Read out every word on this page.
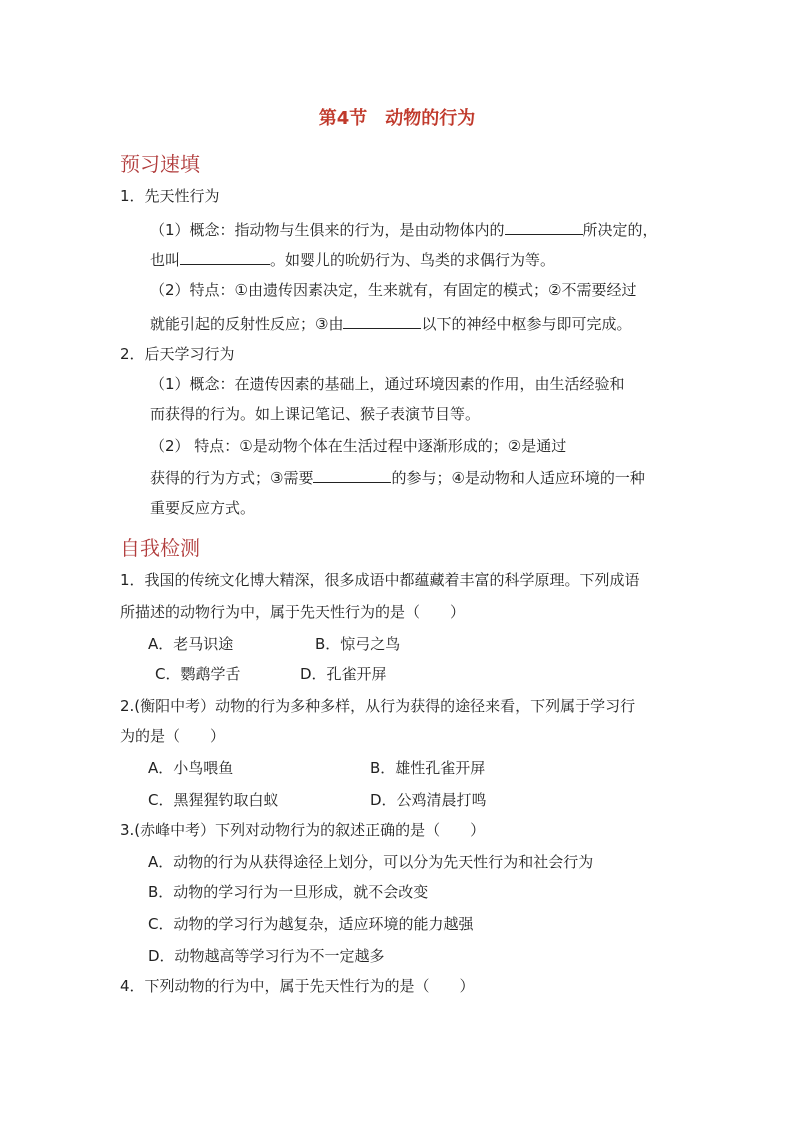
第4节　动物的行为
预习速填
1．先天性行为
（1）概念：指动物与生俱来的行为，是由动物体内的	所决定的，
也叫	。如婴儿的吮奶行为、鸟类的求偶行为等。
（2）特点：①由遗传因素决定，生来就有，有固定的模式；②不需要经过
就能引起的反射性反应；③由	以下的神经中枢参与即可完成。
2．后天学习行为
（1）概念：在遗传因素的基础上，通过环境因素的作用，由生活经验和
而获得的行为。如上课记笔记、猴子表演节目等。
（2） 特点：①是动物个体在生活过程中逐渐形成的；②是通过
获得的行为方式；③需要	的参与；④是动物和人适应环境的一种
重要反应方式。
自我检测
1．我国的传统文化博大精深，很多成语中都蕴藏着丰富的科学原理。下列成语
所描述的动物行为中，属于先天性行为的是（　　）
A．老马识途	B．惊弓之鸟
C．鹦鹉学舌	D．孔雀开屏
2.(衡阳中考）动物的行为多种多样，从行为获得的途径来看，下列属于学习行
为的是（　　）
A．小鸟喂鱼	B．雄性孔雀开屏
C．黑猩猩钓取白蚁	D．公鸡清晨打鸣
3.(赤峰中考）下列对动物行为的叙述正确的是（　　）
A．动物的行为从获得途径上划分，可以分为先天性行为和社会行为
B．动物的学习行为一旦形成，就不会改变
C．动物的学习行为越复杂，适应环境的能力越强
D．动物越高等学习行为不一定越多
4．下列动物的行为中，属于先天性行为的是（　　）
